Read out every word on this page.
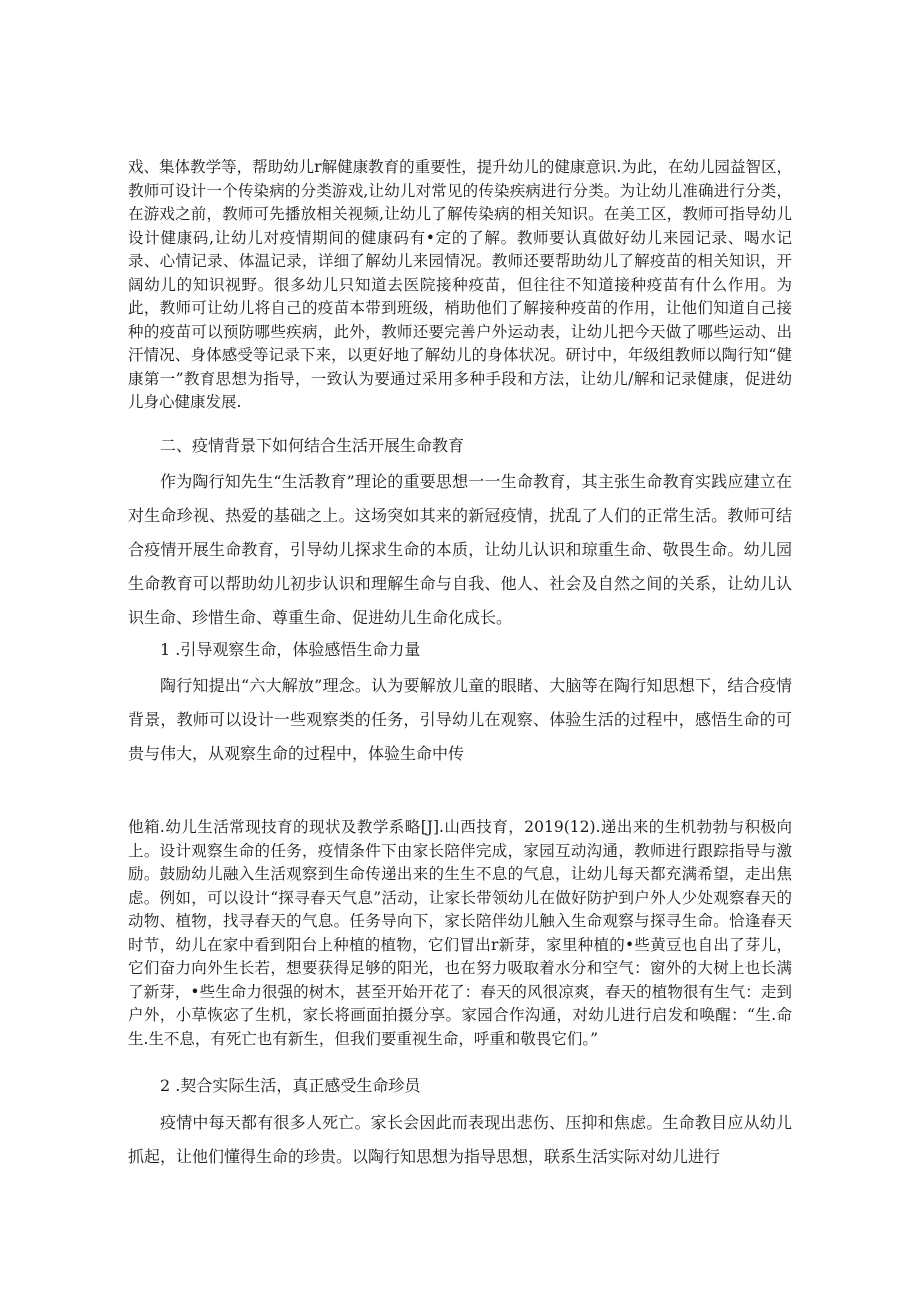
戏、集体教学等，帮助幼儿r解健康教育的重要性，提升幼儿的健康意识.为此，在幼儿园益智区，教师可设计一个传染病的分类游戏,让幼儿对常见的传染疾病进行分类。为让幼儿准确进行分类，在游戏之前，教师可先播放相关视频,让幼儿了解传染病的相关知识。在美工区，教师可指导幼儿设计健康码,让幼儿对疫情期间的健康码有•定的了解。教师要认真做好幼儿来园记录、喝水记录、心情记录、体温记录，详细了解幼儿来园情况。教师还要帮助幼儿了解疫苗的相关知识，开阔幼儿的知识视野。很多幼儿只知道去医院接种疫苗，但往往不知道接种疫苗有什么作用。为此，教师可让幼儿将自己的疫苗本带到班级，梢助他们了解接种疫苗的作用，让他们知道自己接种的疫苗可以预防哪些疾病，此外，教师还要完善户外运动表，让幼儿把今天做了哪些运动、出汗情况、身体感受等记录下来，以更好地了解幼儿的身体状况。研讨中，年级组教师以陶行知“健康第一”教育思想为指导，一致认为要通过采用多种手段和方法，让幼儿/解和记录健康，促进幼儿身心健康发展.

二、疫情背景下如何结合生活开展生命教育

作为陶行知先生“生活教育”理论的重要思想一一生命教育，其主张生命教育实践应建立在对生命珍视、热爱的基础之上。这场突如其来的新冠疫情，扰乱了人们的正常生活。教师可结合疫情开展生命教育，引导幼儿探求生命的本质，让幼儿认识和琼重生命、敬畏生命。幼儿园生命教育可以帮助幼儿初步认识和理解生命与自我、他人、社会及自然之间的关系，让幼儿认识生命、珍惜生命、尊重生命、促进幼儿生命化成长。

1 .引导观察生命，体验感悟生命力量

陶行知提出“六大解放”理念。认为要解放儿童的眼睹、大脑等在陶行知思想下，结合疫情背景，教师可以设计一些观察类的任务，引导幼儿在观察、体验生活的过程中，感悟生命的可贵与伟大，从观察生命的过程中，体验生命中传

他箱.幼儿生活常现技育的现状及教学系略[J].山西技育，2019(12).递出来的生机勃勃与积极向上。设计观察生命的任务，疫情条件下由家长陪伴完成，家园互动沟通，教师进行跟踪指导与激励。鼓励幼儿融入生活观察到生命传递出来的生生不息的气息，让幼儿每天都充满希望，走出焦虑。例如，可以设计“探寻春天气息”活动，让家长带领幼儿在做好防护到户外人少处观察春天的动物、植物，找寻春天的气息。任务导向下，家长陪伴幼儿触入生命观察与探寻生命。恰逢春天时节，幼儿在家中看到阳台上种植的植物，它们冒出r新芽，家里种植的•些黄豆也自出了芽儿，它们奋力向外生长若，想要获得足够的阳光，也在努力吸取着水分和空气：窗外的大树上也长满了新芽，•些生命力很强的树木，甚至开始开花了：春天的风很凉爽，春天的植物很有生气：走到户外，小草恢宓了生机，家长将画面拍摄分享。家园合作沟通，对幼儿进行启发和唤醒：“生.命生.生不息，有死亡也有新生，但我们要重视生命，呼重和敬畏它们。”

2 .契合实际生活，真正感受生命珍员

疫情中每天都有很多人死亡。家长会因此而表现出悲伤、压抑和焦虑。生命教目应从幼儿抓起，让他们懂得生命的珍贵。以陶行知思想为指导思想，联系生活实际对幼儿进行
